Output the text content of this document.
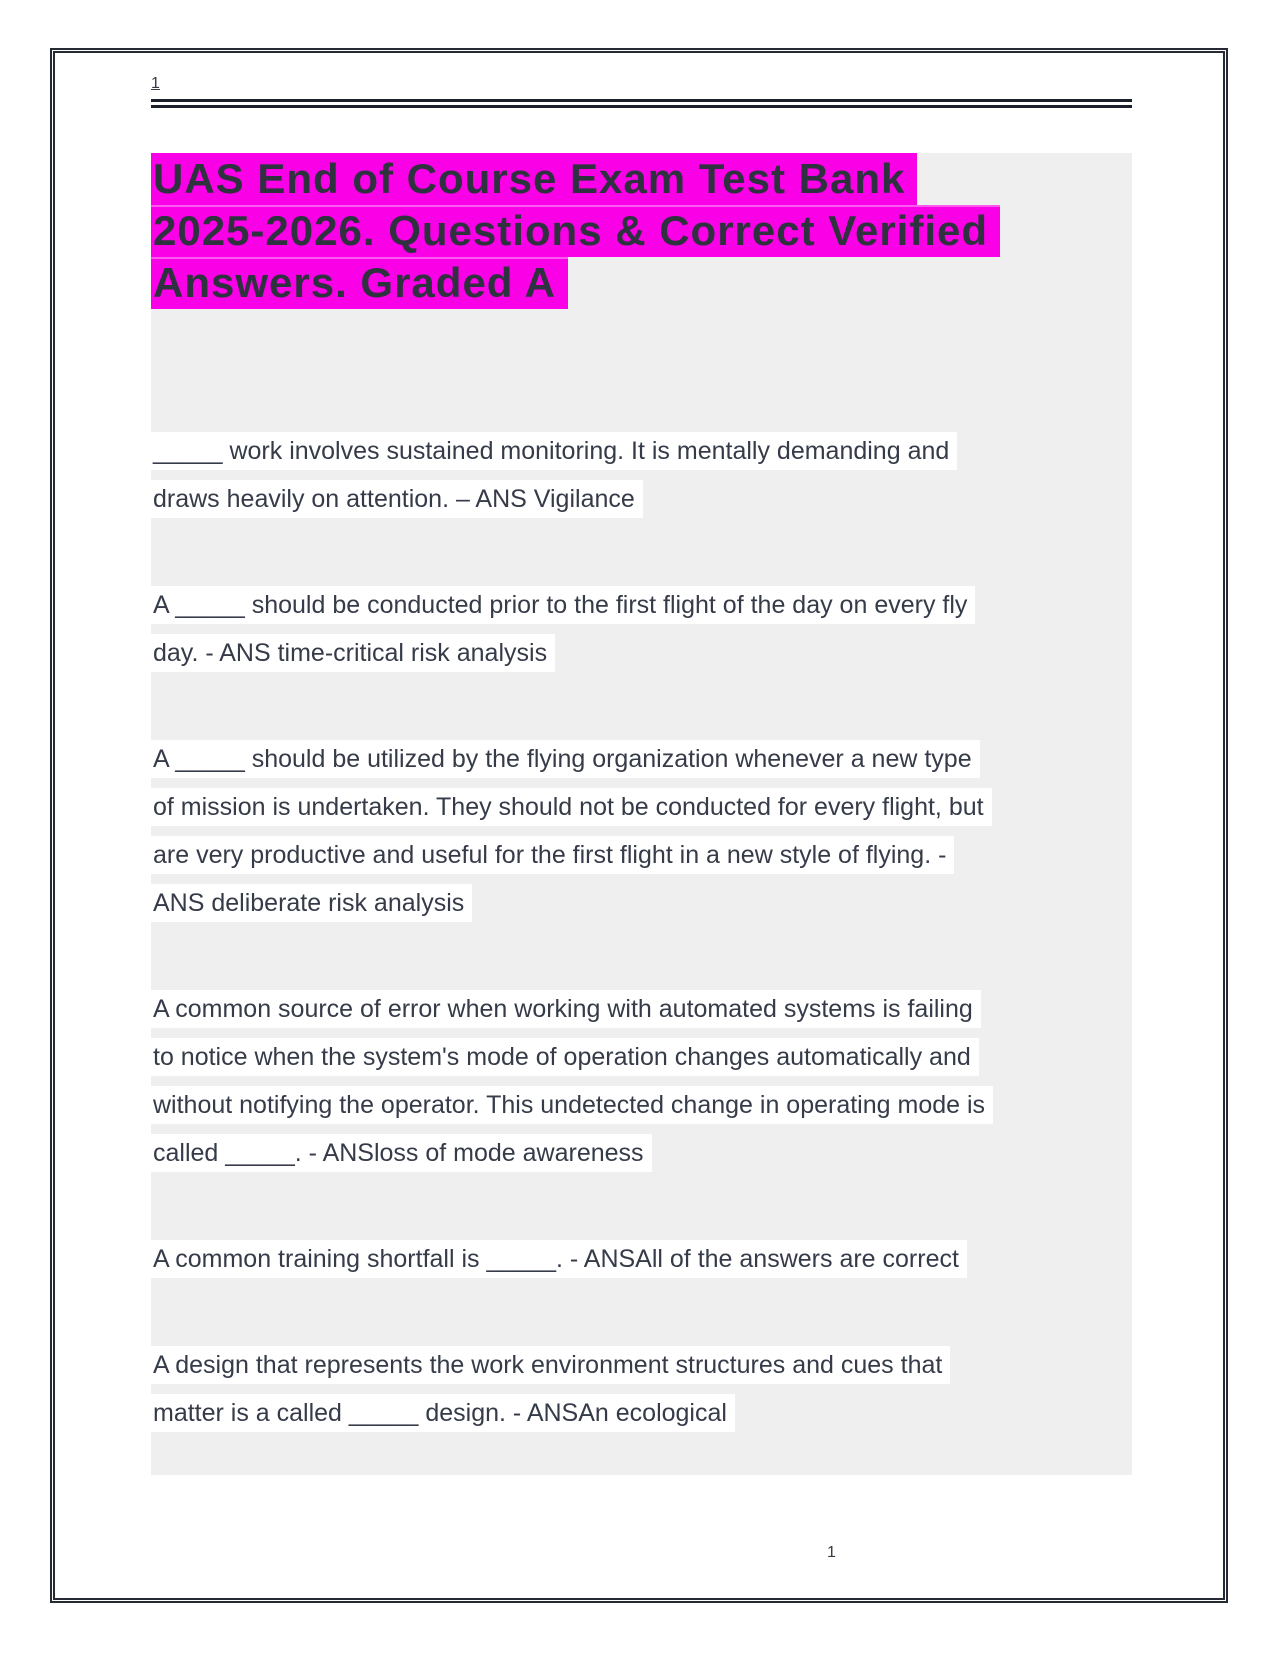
1
UAS End of Course Exam Test Bank
2025-2026. Questions & Correct Verified
Answers. Graded A
_____ work involves sustained monitoring. It is mentally demanding and
draws heavily on attention. – ANS Vigilance
A _____ should be conducted prior to the first flight of the day on every fly
day. - ANS time-critical risk analysis
A _____ should be utilized by the flying organization whenever a new type
of mission is undertaken. They should not be conducted for every flight, but
are very productive and useful for the first flight in a new style of flying. -
ANS deliberate risk analysis
A common source of error when working with automated systems is failing
to notice when the system's mode of operation changes automatically and
without notifying the operator. This undetected change in operating mode is
called _____. - ANSloss of mode awareness
A common training shortfall is _____. - ANSAll of the answers are correct
A design that represents the work environment structures and cues that
matter is a called _____ design. - ANSAn ecological
1
